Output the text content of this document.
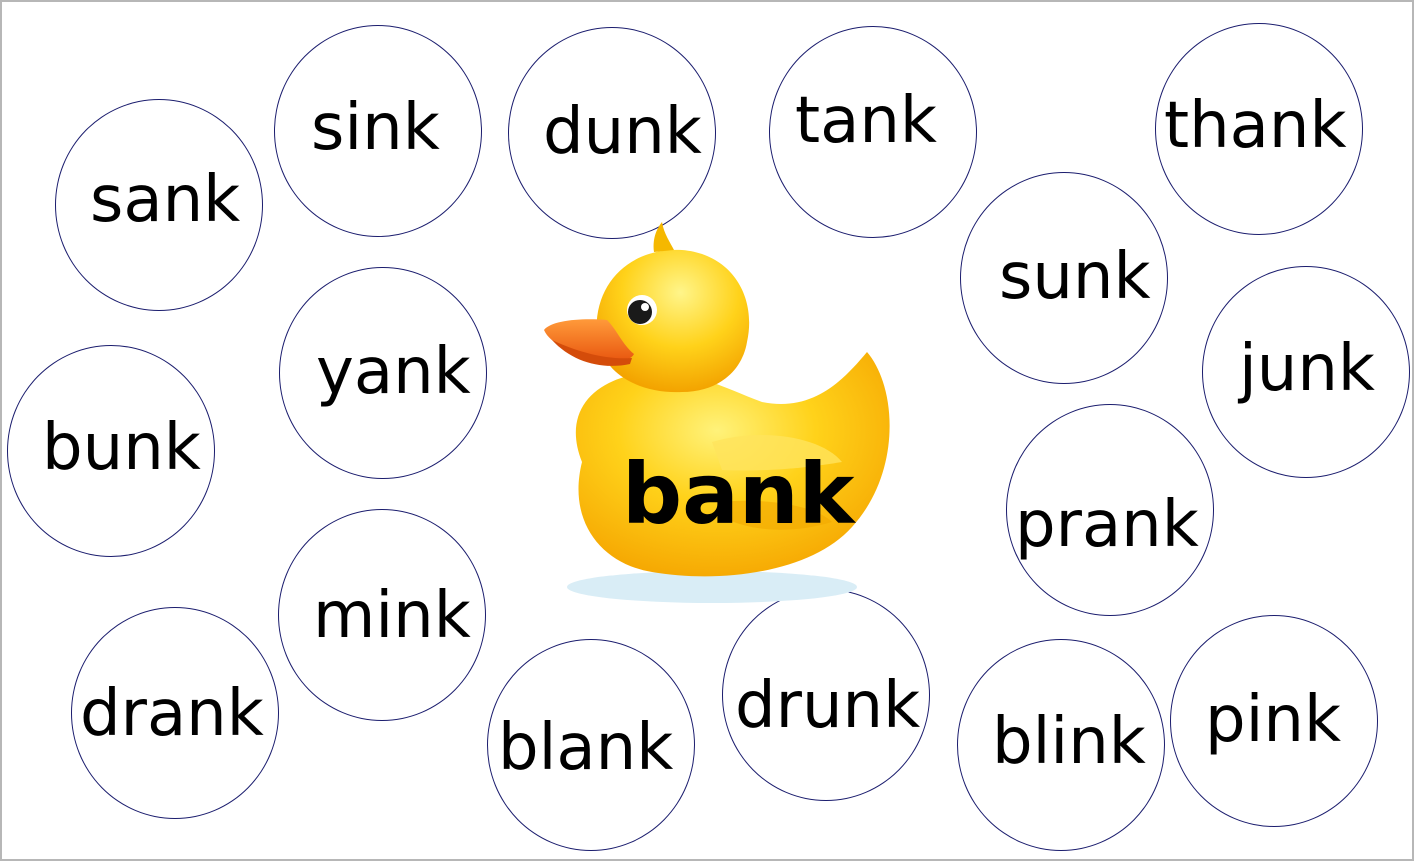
sank
sink dunk tank	thank
sunk
yank
bunk
junk
prank
mink
drank	blank
drunk blink pink
bank
